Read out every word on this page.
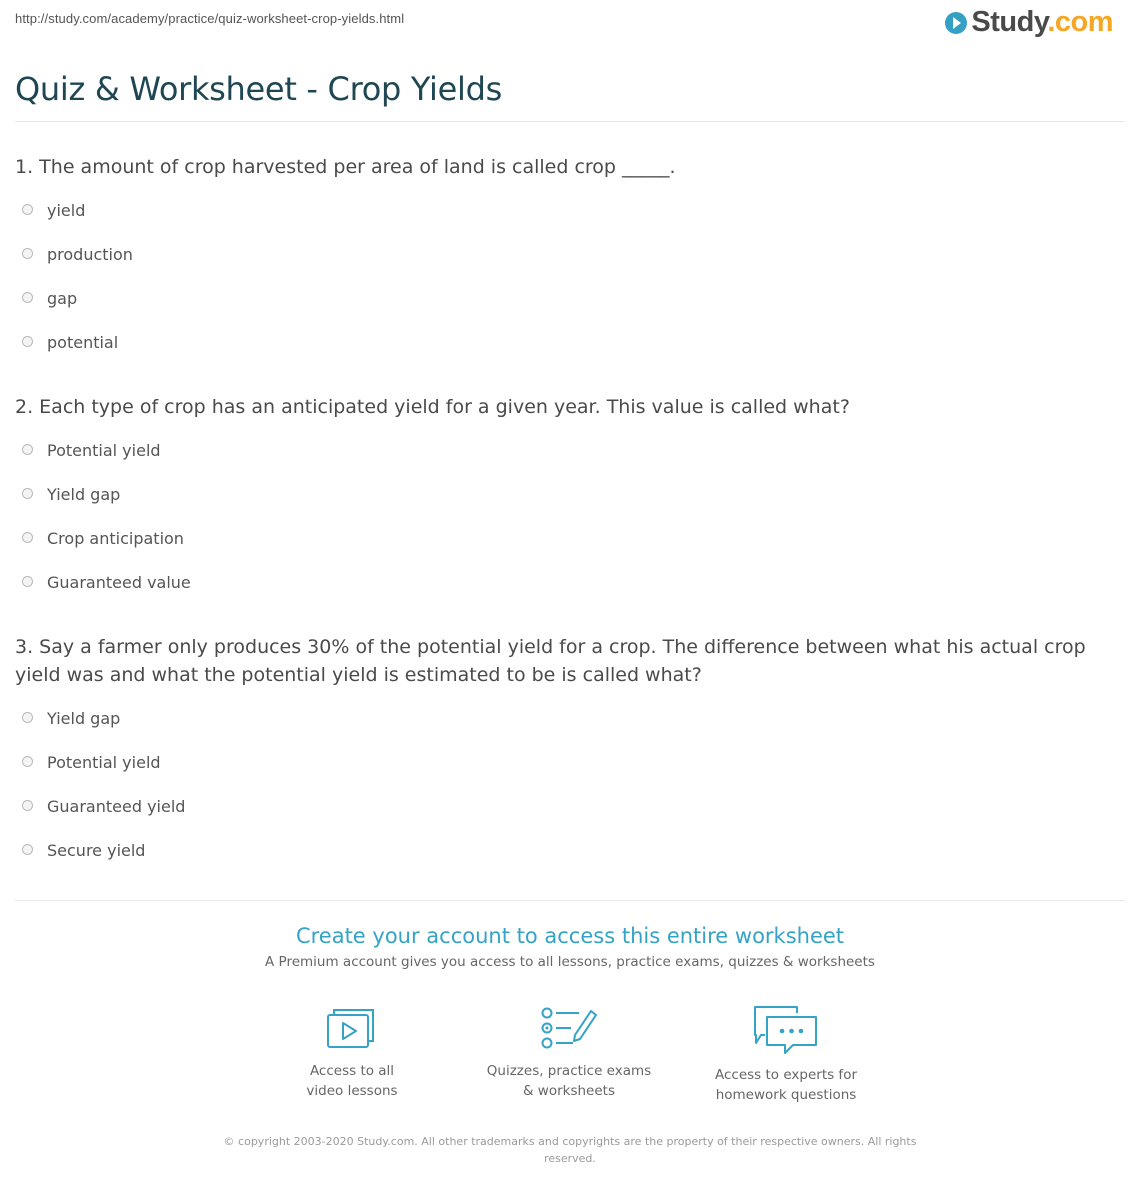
http://study.com/academy/practice/quiz-worksheet-crop-yields.html	Study.com
Quiz & Worksheet - Crop Yields

1. The amount of crop harvested per area of land is called crop _____.

yield
production
gap
potential

2. Each type of crop has an anticipated yield for a given year. This value is called what?

Potential yield
Yield gap
Crop anticipation
Guaranteed value

3. Say a farmer only produces 30% of the potential yield for a crop. The difference between what his actual crop yield was and what the potential yield is estimated to be is called what?

Yield gap
Potential yield
Guaranteed yield
Secure yield
Create your account to access this entire worksheet
A Premium account gives you access to all lessons, practice exams, quizzes & worksheets
Access to all
video lessons
Quizzes, practice exams
& worksheets
Access to experts for
homework questions
© copyright 2003-2020 Study.com. All other trademarks and copyrights are the property of their respective owners. All rights reserved.
